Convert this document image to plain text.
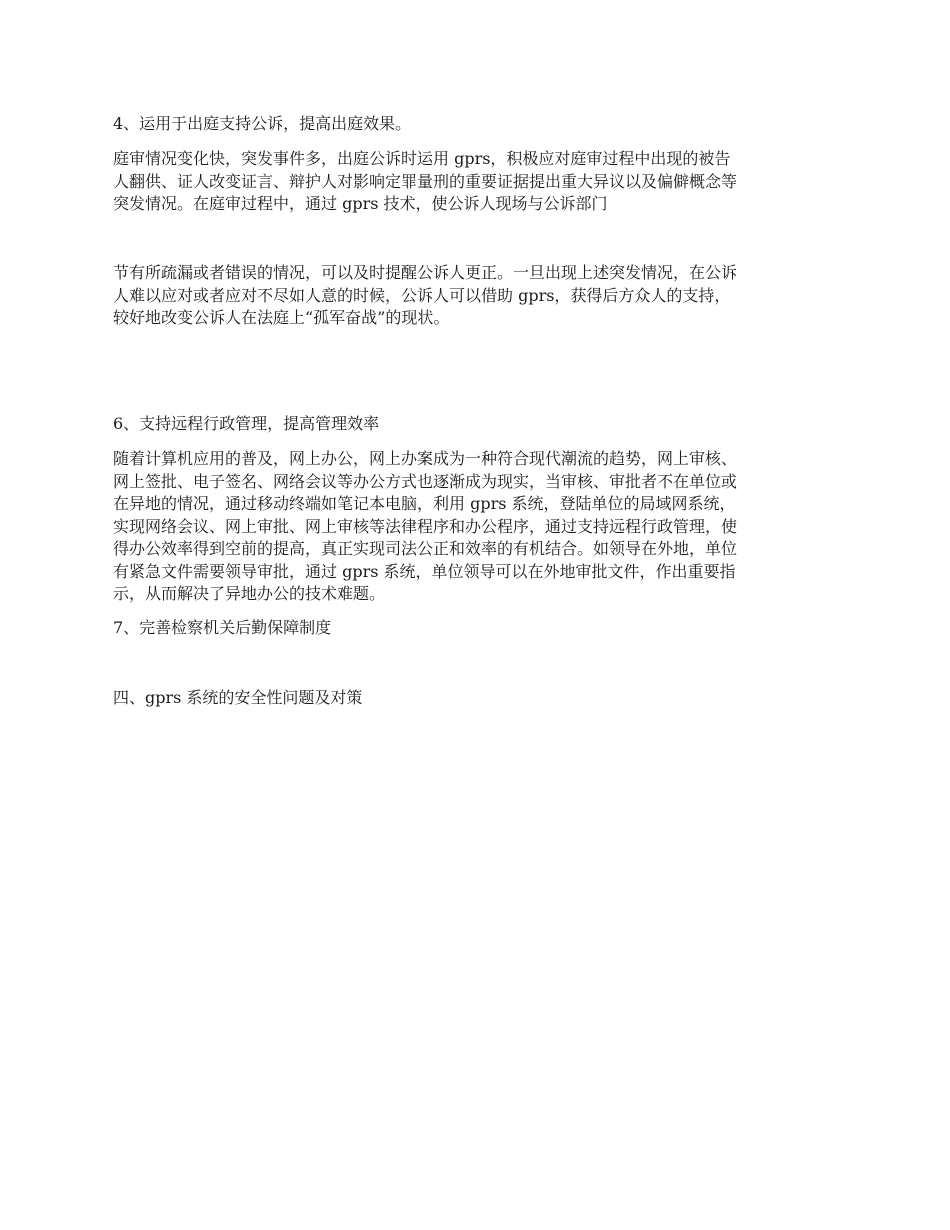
4、运用于出庭支持公诉，提高出庭效果。

庭审情况变化快，突发事件多，出庭公诉时运用 gprs，积极应对庭审过程中出现的被告
人翻供、证人改变证言、辩护人对影响定罪量刑的重要证据提出重大异议以及偏僻概念等
突发情况。在庭审过程中，通过 gprs 技术，使公诉人现场与公诉部门

节有所疏漏或者错误的情况，可以及时提醒公诉人更正。一旦出现上述突发情况，在公诉
人难以应对或者应对不尽如人意的时候，公诉人可以借助 gprs，获得后方众人的支持，
较好地改变公诉人在法庭上“孤军奋战”的现状。

6、支持远程行政管理，提高管理效率

随着计算机应用的普及，网上办公，网上办案成为一种符合现代潮流的趋势，网上审核、
网上签批、电子签名、网络会议等办公方式也逐渐成为现实，当审核、审批者不在单位或
在异地的情况，通过移动终端如笔记本电脑，利用 gprs 系统，登陆单位的局域网系统，
实现网络会议、网上审批、网上审核等法律程序和办公程序，通过支持远程行政管理，使
得办公效率得到空前的提高，真正实现司法公正和效率的有机结合。如领导在外地，单位
有紧急文件需要领导审批，通过 gprs 系统，单位领导可以在外地审批文件，作出重要指
示，从而解决了异地办公的技术难题。

7、完善检察机关后勤保障制度

四、gprs 系统的安全性问题及对策
